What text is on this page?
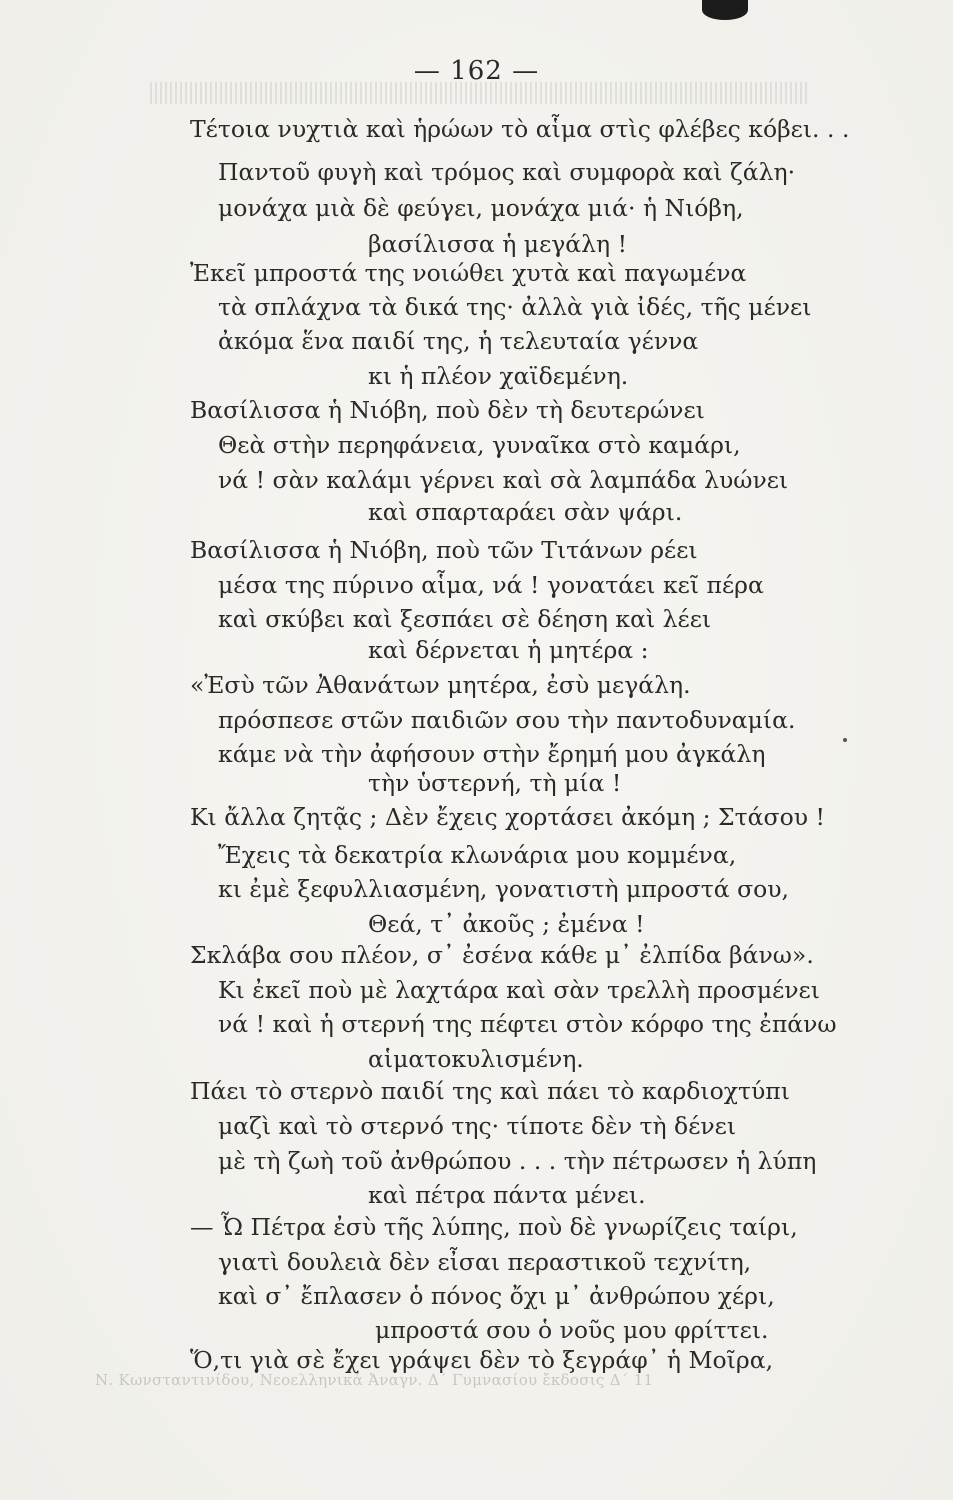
— 162 —
Τέτοια νυχτιὰ καὶ ἡρώων τὸ αἷμα στὶς φλέβες κόβει. . .
Παντοῦ φυγὴ καὶ τρόμος καὶ συμφορὰ καὶ ζάλη·
μονάχα μιὰ δὲ φεύγει, μονάχα μιά· ἡ Νιόβη,
βασίλισσα ἡ μεγάλη !
Ἐκεῖ μπροστά της νοιώθει χυτὰ καὶ παγωμένα
τὰ σπλάχνα τὰ δικά της· ἀλλὰ γιὰ ἰδές, τῆς μένει
ἀκόμα ἕνα παιδί της, ἡ τελευταία γέννα
κι ἡ πλέον χαϊδεμένη.
Βασίλισσα ἡ Νιόβη, ποὺ δὲν τὴ δευτερώνει
Θεὰ στὴν περηφάνεια, γυναῖκα στὸ καμάρι,
νά ! σὰν καλάμι γέρνει καὶ σὰ λαμπάδα λυώνει
καὶ σπαρταράει σὰν ψάρι.
Βασίλισσα ἡ Νιόβη, ποὺ τῶν Τιτάνων ρέει
μέσα της πύρινο αἷμα, νά ! γονατάει κεῖ πέρα
καὶ σκύβει καὶ ξεσπάει σὲ δέηση καὶ λέει
καὶ δέρνεται ἡ μητέρα :
«Ἐσὺ τῶν Ἀθανάτων μητέρα, ἐσὺ μεγάλη.
πρόσπεσε στῶν παιδιῶν σου τὴν παντοδυναμία.
κάμε νὰ τὴν ἀφήσουν στὴν ἔρημή μου ἀγκάλη
τὴν ὑστερνή, τὴ μία !
Κι ἄλλα ζητᾷς ; Δὲν ἔχεις χορτάσει ἀκόμη ; Στάσου !
Ἔχεις τὰ δεκατρία κλωνάρια μου κομμένα,
κι ἐμὲ ξεφυλλιασμένη, γονατιστὴ μπροστά σου,
Θεά, τ᾽ ἀκοῦς ; ἐμένα !
Σκλάβα σου πλέον, σ᾽ ἐσένα κάθε μ᾽ ἐλπίδα βάνω».
Κι ἐκεῖ ποὺ μὲ λαχτάρα καὶ σὰν τρελλὴ προσμένει
νά ! καὶ ἡ στερνή της πέφτει στὸν κόρφο της ἐπάνω
αἱματοκυλισμένη.
Πάει τὸ στερνὸ παιδί της καὶ πάει τὸ καρδιοχτύπι
μαζὶ καὶ τὸ στερνό της· τίποτε δὲν τὴ δένει
μὲ τὴ ζωὴ τοῦ ἀνθρώπου . . . τὴν πέτρωσεν ἡ λύπη
καὶ πέτρα πάντα μένει.
— Ὦ Πέτρα ἐσὺ τῆς λύπης, ποὺ δὲ γνωρίζεις ταίρι,
γιατὶ δουλειὰ δὲν εἶσαι περαστικοῦ τεχνίτη,
καὶ σ᾽ ἔπλασεν ὁ πόνος ὄχι μ᾽ ἀνθρώπου χέρι,
μπροστά σου ὁ νοῦς μου φρίττει.
Ὅ,τι γιὰ σὲ ἔχει γράψει δὲν τὸ ξεγράφ᾽ ἡ Μοῖρα,
Ν. Κωνσταντινίδου, Νεοελληνικά Ἀναγν. Δ΄ Γυμνασίου ἔκδοσις Δ΄ 11
